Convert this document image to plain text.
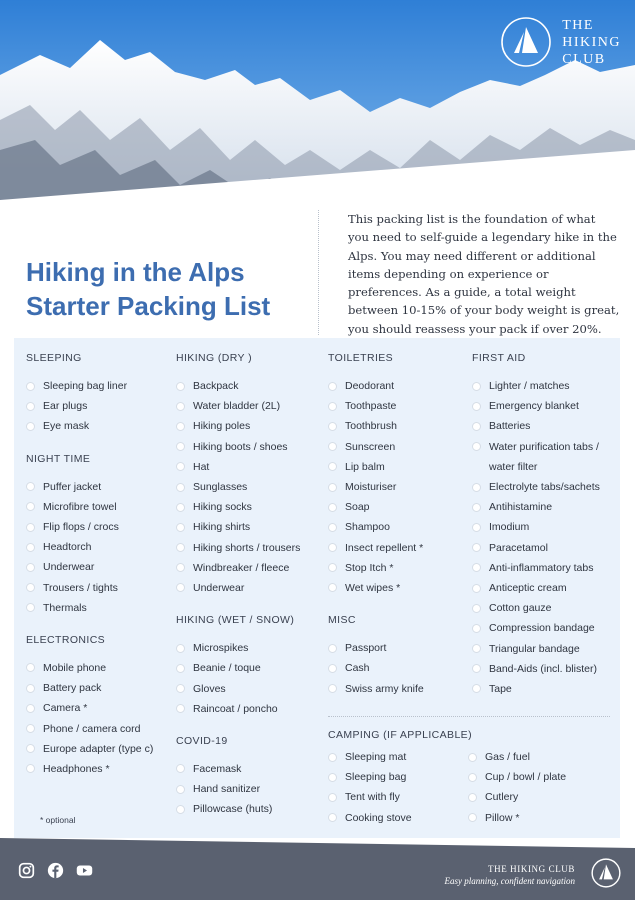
THE
HIKING
CLUB
Hiking in the Alps
Starter Packing List

This packing list is the foundation of what you need to self-guide a legendary hike in the Alps. You may need different or additional items depending on experience or preferences. As a guide, a total weight between 10-15% of your body weight is great, you should reassess your pack if over 20%.

SLEEPING
Sleeping bag liner
Ear plugs
Eye mask
NIGHT TIME
Puffer jacket
Microfibre towel
Flip flops / crocs
Headtorch
Underwear
Trousers / tights
Thermals
ELECTRONICS
Mobile phone
Battery pack
Camera *
Phone / camera cord
Europe adapter (type c)
Headphones *
HIKING (DRY )
Backpack
Water bladder (2L)
Hiking poles
Hiking boots / shoes
Hat
Sunglasses
Hiking socks
Hiking shirts
Hiking shorts / trousers
Windbreaker / fleece
Underwear
HIKING (WET / SNOW)
Microspikes
Beanie / toque
Gloves
Raincoat / poncho
COVID-19
Facemask
Hand sanitizer
Pillowcase (huts)
TOILETRIES
Deodorant
Toothpaste
Toothbrush
Sunscreen
Lip balm
Moisturiser
Soap
Shampoo
Insect repellent *
Stop Itch *
Wet wipes *
MISC
Passport
Cash
Swiss army knife
FIRST AID
Lighter / matches
Emergency blanket
Batteries
Water purification tabs / water filter
Electrolyte tabs/sachets
Antihistamine
Imodium
Paracetamol
Anti-inflammatory tabs
Anticeptic cream
Cotton gauze
Compression bandage
Triangular bandage
Band-Aids (incl. blister)
Tape
CAMPING (IF APPLICABLE)
Sleeping mat
Sleeping bag
Tent with fly
Cooking stove
Gas / fuel
Cup / bowl / plate
Cutlery
Pillow *
* optional
THE HIKING CLUB
Easy planning, confident navigation
